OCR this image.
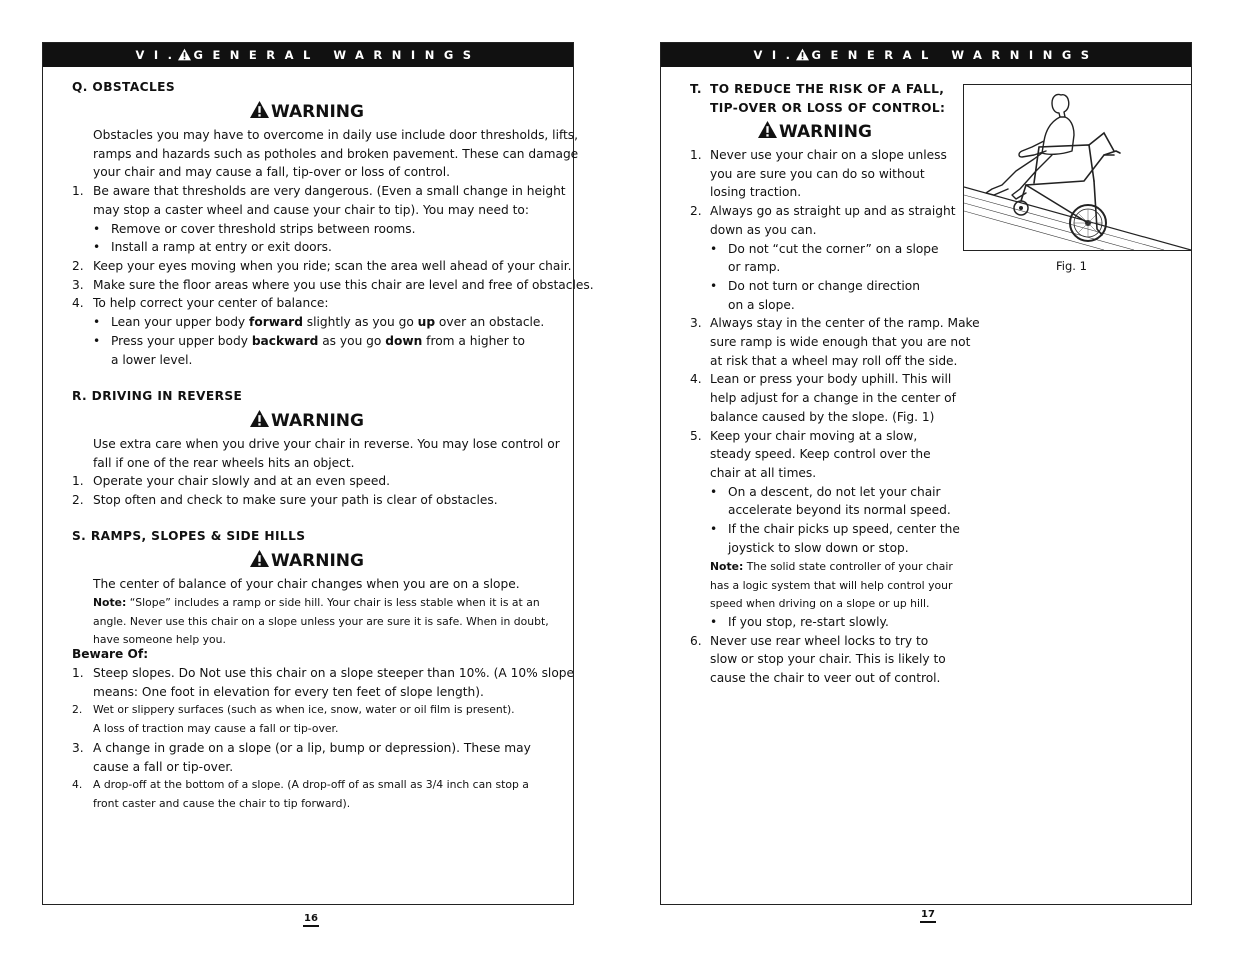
VI. GENERAL WARNINGS
16
VI. GENERAL WARNINGS
17
Fig. 1
Q. OBSTACLES
WARNING
Obstacles you may have to overcome in daily use include door thresholds, lifts,
ramps and hazards such as potholes and broken pavement. These can damage
your chair and may cause a fall, tip-over or loss of control.
1. Be aware that thresholds are very dangerous. (Even a small change in height
may stop a caster wheel and cause your chair to tip). You may need to:
• Remove or cover threshold strips between rooms.
• Install a ramp at entry or exit doors.
2. Keep your eyes moving when you ride; scan the area well ahead of your chair.
3. Make sure the floor areas where you use this chair are level and free of obstacles.
4. To help correct your center of balance:
• Lean your upper body forward slightly as you go up over an obstacle.
• Press your upper body backward as you go down from a higher to
a lower level.
R. DRIVING IN REVERSE
WARNING
Use extra care when you drive your chair in reverse. You may lose control or
fall if one of the rear wheels hits an object.
1. Operate your chair slowly and at an even speed.
2. Stop often and check to make sure your path is clear of obstacles.
S. RAMPS, SLOPES & SIDE HILLS
WARNING
The center of balance of your chair changes when you are on a slope.
Note: “Slope” includes a ramp or side hill. Your chair is less stable when it is at an
angle. Never use this chair on a slope unless your are sure it is safe. When in doubt,
have someone help you.
Beware Of:
1. Steep slopes. Do Not use this chair on a slope steeper than 10%. (A 10% slope
means: One foot in elevation for every ten feet of slope length).
2. Wet or slippery surfaces (such as when ice, snow, water or oil film is present).
A loss of traction may cause a fall or tip-over.
3. A change in grade on a slope (or a lip, bump or depression). These may
cause a fall or tip-over.
4. A drop-off at the bottom of a slope. (A drop-off of as small as 3/4 inch can stop a
front caster and cause the chair to tip forward).
T. TO REDUCE THE RISK OF A FALL,
TIP-OVER OR LOSS OF CONTROL:
WARNING
1. Never use your chair on a slope unless
you are sure you can do so without
losing traction.
2. Always go as straight up and as straight
down as you can.
• Do not “cut the corner” on a slope
or ramp.
• Do not turn or change direction
on a slope.
3. Always stay in the center of the ramp. Make
sure ramp is wide enough that you are not
at risk that a wheel may roll off the side.
4. Lean or press your body uphill. This will
help adjust for a change in the center of
balance caused by the slope. (Fig. 1)
5. Keep your chair moving at a slow,
steady speed. Keep control over the
chair at all times.
• On a descent, do not let your chair
accelerate beyond its normal speed.
• If the chair picks up speed, center the
joystick to slow down or stop.
Note: The solid state controller of your chair
has a logic system that will help control your
speed when driving on a slope or up hill.
• If you stop, re-start slowly.
6. Never use rear wheel locks to try to
slow or stop your chair. This is likely to
cause the chair to veer out of control.
